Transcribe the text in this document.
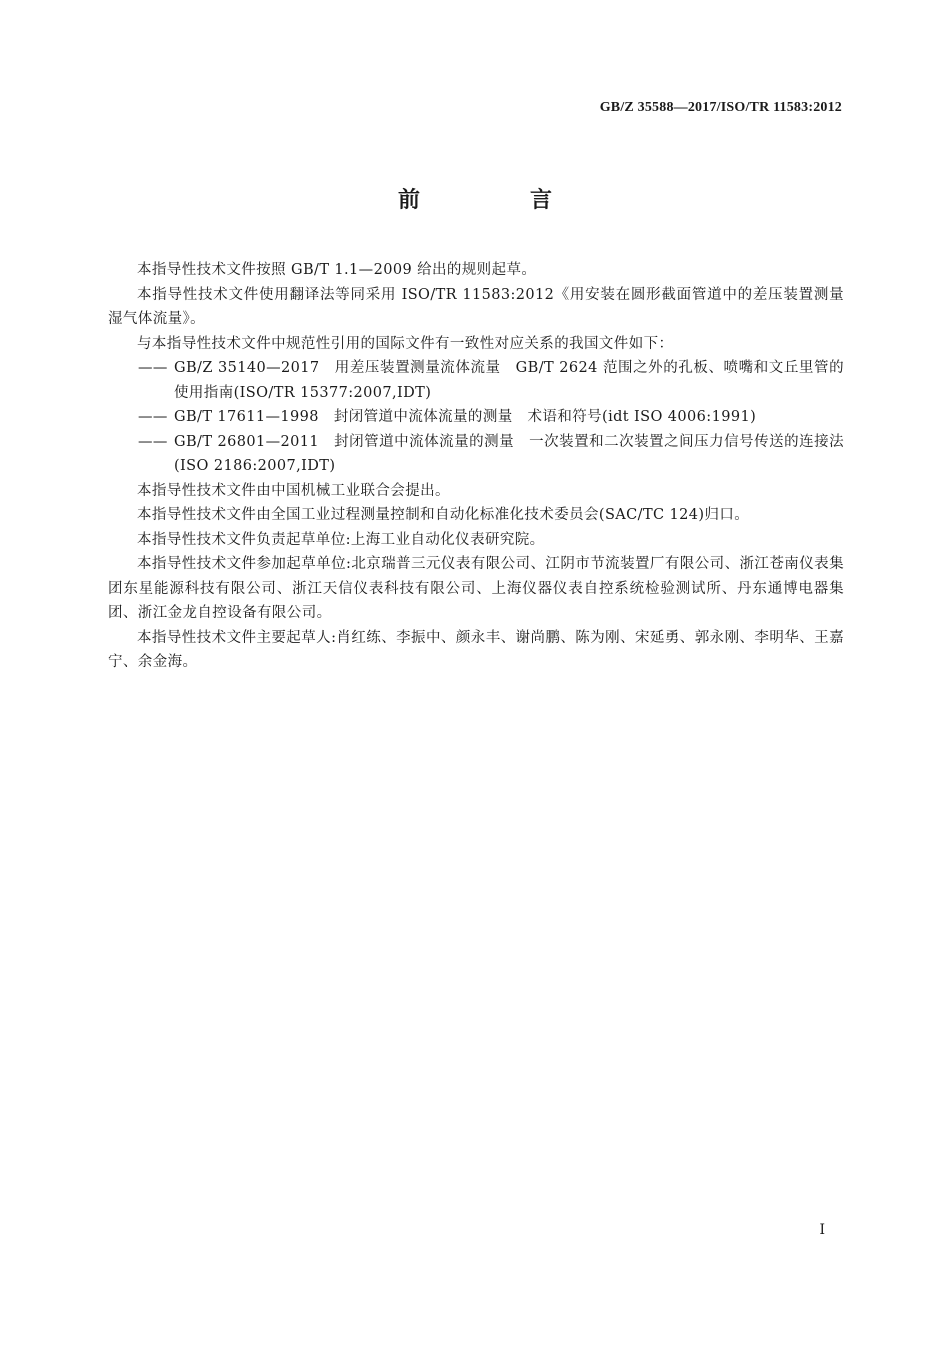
GB/Z 35588—2017/ISO/TR 11583:2012
前　言

本指导性技术文件按照 GB/T 1.1—2009 给出的规则起草。

本指导性技术文件使用翻译法等同采用 ISO/TR 11583:2012《用安装在圆形截面管道中的差压装置测量湿气体流量》。

与本指导性技术文件中规范性引用的国际文件有一致性对应关系的我国文件如下：

—— GB/Z 35140—2017　用差压装置测量流体流量　GB/T 2624 范围之外的孔板、喷嘴和文丘里管的使用指南(ISO/TR 15377:2007,IDT)

—— GB/T 17611—1998　封闭管道中流体流量的测量　术语和符号(idt ISO 4006:1991)

—— GB/T 26801—2011　封闭管道中流体流量的测量　一次装置和二次装置之间压力信号传送的连接法(ISO 2186:2007,IDT)

本指导性技术文件由中国机械工业联合会提出。

本指导性技术文件由全国工业过程测量控制和自动化标准化技术委员会(SAC/TC 124)归口。

本指导性技术文件负责起草单位:上海工业自动化仪表研究院。

本指导性技术文件参加起草单位:北京瑞普三元仪表有限公司、江阴市节流装置厂有限公司、浙江苍南仪表集团东星能源科技有限公司、浙江天信仪表科技有限公司、上海仪器仪表自控系统检验测试所、丹东通博电器集团、浙江金龙自控设备有限公司。

本指导性技术文件主要起草人:肖红练、李振中、颜永丰、谢尚鹏、陈为刚、宋延勇、郭永刚、李明华、王嘉宁、余金海。

I
